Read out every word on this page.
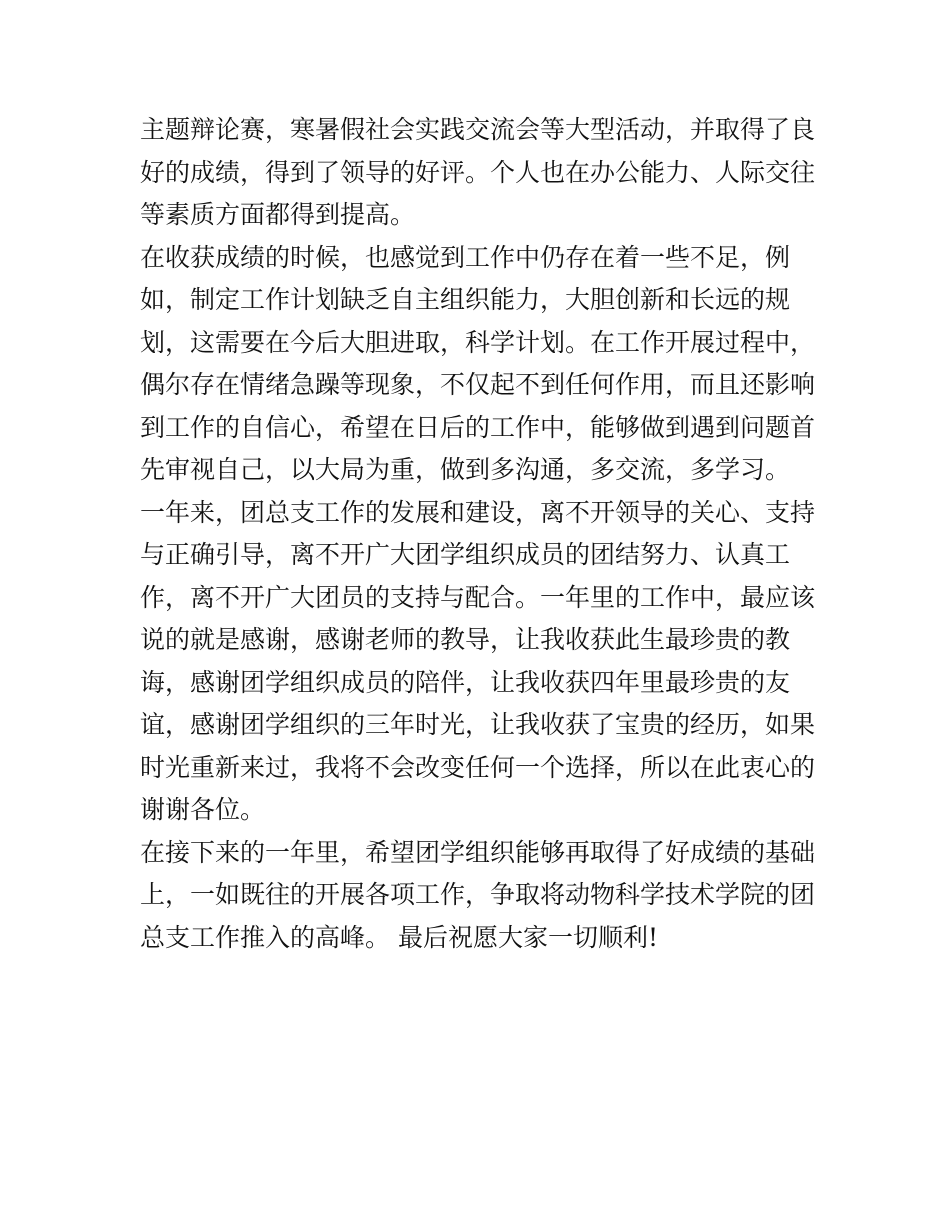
主题辩论赛，寒暑假社会实践交流会等大型活动，并取得了良
好的成绩，得到了领导的好评。个人也在办公能力、人际交往
等素质方面都得到提高。
在收获成绩的时候，也感觉到工作中仍存在着一些不足，例
如，制定工作计划缺乏自主组织能力，大胆创新和长远的规
划，这需要在今后大胆进取，科学计划。在工作开展过程中，
偶尔存在情绪急躁等现象，不仅起不到任何作用，而且还影响
到工作的自信心，希望在日后的工作中，能够做到遇到问题首
先审视自己，以大局为重，做到多沟通，多交流，多学习。
一年来，团总支工作的发展和建设，离不开领导的关心、支持
与正确引导，离不开广大团学组织成员的团结努力、认真工
作，离不开广大团员的支持与配合。一年里的工作中，最应该
说的就是感谢，感谢老师的教导，让我收获此生最珍贵的教
诲，感谢团学组织成员的陪伴，让我收获四年里最珍贵的友
谊，感谢团学组织的三年时光，让我收获了宝贵的经历，如果
时光重新来过，我将不会改变任何一个选择，所以在此衷心的
谢谢各位。
在接下来的一年里，希望团学组织能够再取得了好成绩的基础
上，一如既往的开展各项工作，争取将动物科学技术学院的团
总支工作推入的高峰。 最后祝愿大家一切顺利!
